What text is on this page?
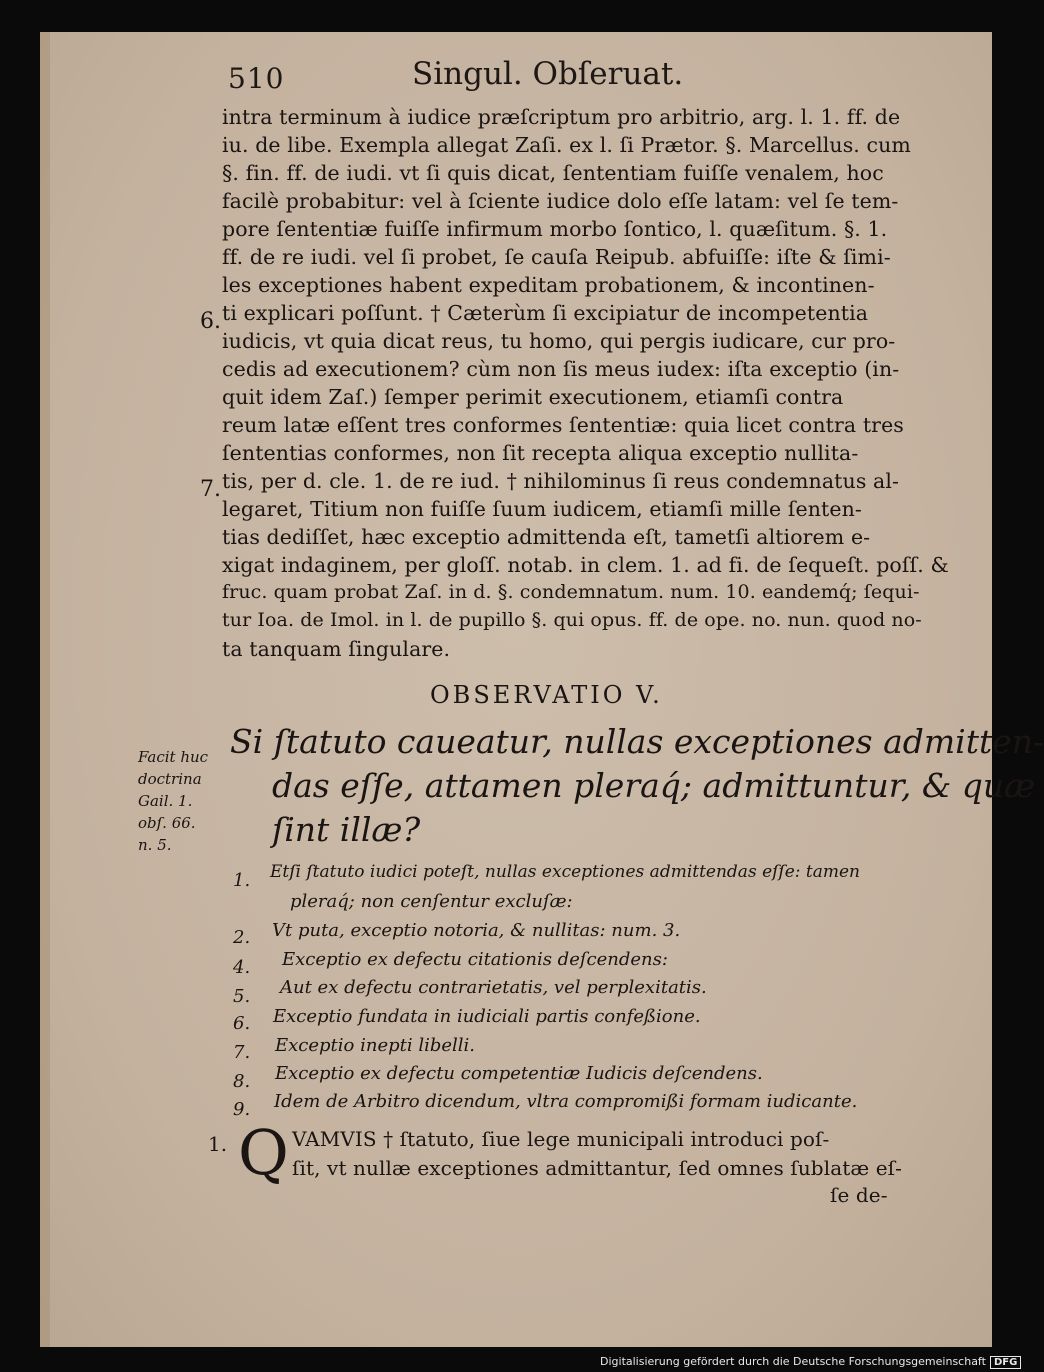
510	Singul. Obſeruat.
intra terminum à iudice præſcriptum pro arbitrio, arg. l. 1. ff. de
iu. de libe. Exempla allegat Zaſi. ex l. ſi Prætor. §. Marcellus. cum
§. fin. ff. de iudi. vt ſi quis dicat, ſententiam fuiſſe venalem, hoc
facilè probabitur: vel à ſciente iudice dolo eſſe latam: vel ſe tem-
pore ſententiæ fuiſſe infirmum morbo ſontico, l. quæſitum. §. 1.
ff. de re iudi. vel ſi probet, ſe cauſa Reipub. abfuiſſe: iſte & ſimi-
les exceptiones habent expeditam probationem, & incontinen-
ti explicari poſſunt. † Cæterùm ſi excipiatur de incompetentia
iudicis, vt quia dicat reus, tu homo, qui pergis iudicare, cur pro-
cedis ad executionem? cùm non ſis meus iudex: iſta exceptio (in-
quit idem Zaſ.) ſemper perimit executionem, etiamſi contra
reum latæ eſſent tres conformes ſententiæ: quia licet contra tres
ſententias conformes, non ſit recepta aliqua exceptio nullita-
tis, per d. cle. 1. de re iud. † nihilominus ſi reus condemnatus al-
legaret, Titium non fuiſſe ſuum iudicem, etiamſi mille ſenten-
tias dediſſet, hæc exceptio admittenda eſt, tametſi altiorem e-
xigat indaginem, per gloſſ. notab. in clem. 1. ad fi. de ſequeſt. poſſ. &
fruc. quam probat Zaſ. in d. §. condemnatum. num. 10. eandemq́; ſequi-
tur Ioa. de Imol. in l. de pupillo §. qui opus. ff. de ope. no. nun. quod no-
ta tanquam ſingulare.
6.
7.
OBSERVATIO V.
Facit huc
doctrina
Gail. 1.
obſ. 66.
n. 5.
Si ſtatuto caueatur, nullas exceptiones admitten-
das eſſe, attamen pleraq́; admittuntur, & quæ
ſint illæ?
1. Etſi ſtatuto iudici poteſt, nullas exceptiones admittendas eſſe: tamen
pleraq́; non cenſentur excluſæ:
2. Vt puta, exceptio notoria, & nullitas: num. 3.
4. Exceptio ex defectu citationis deſcendens:
5. Aut ex defectu contrarietatis, vel perplexitatis.
6. Exceptio fundata in iudiciali partis confeßione.
7. Exceptio inepti libelli.
8. Exceptio ex defectu competentiæ Iudicis deſcendens.
9. Idem de Arbitro dicendum, vltra compromißi formam iudicante.
1. Q VAMVIS † ſtatuto, ſiue lege municipali introduci poſ-
ſit, vt nullæ exceptiones admittantur, ſed omnes ſublatæ eſ-
ſe de-
Digitalisierung gefördert durch die Deutsche Forschungsgemeinschaft DFG
